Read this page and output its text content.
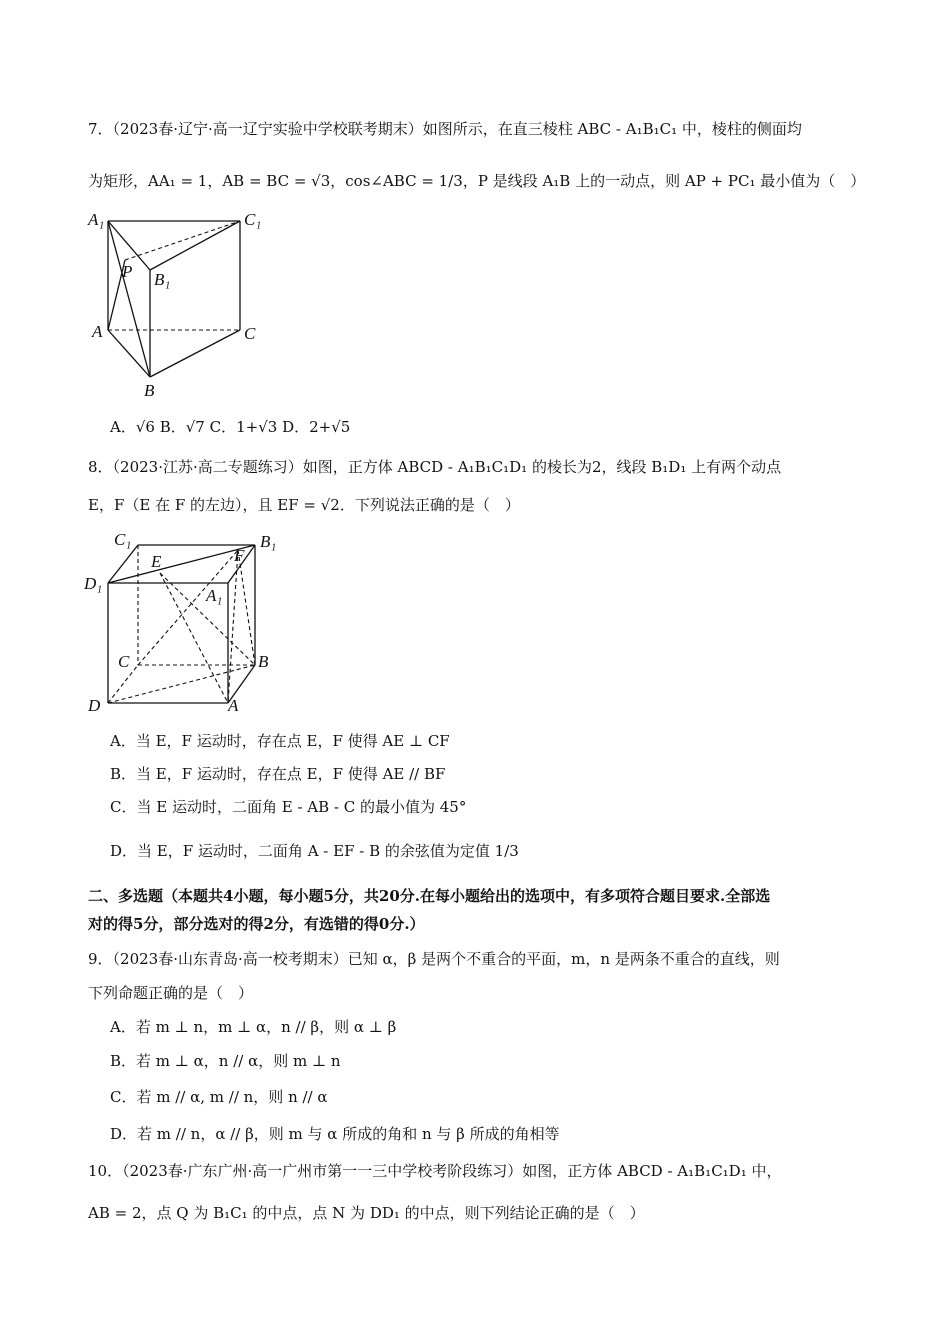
7．（2023春·辽宁·高一辽宁实验中学校联考期末）如图所示，在直三棱柱 ABC - A₁B₁C₁ 中，棱柱的侧面均
为矩形，AA₁ = 1，AB = BC = √3，cos∠ABC = 1/3，P 是线段 A₁B 上的一动点，则 AP + PC₁ 最小值为（　）
A₁	C₁
P B₁
A	C
B
A．√6 B．√7 C．1+√3 D．2+√5
8．（2023·江苏·高二专题练习）如图，正方体 ABCD - A₁B₁C₁D₁ 的棱长为2，线段 B₁D₁ 上有两个动点
E，F（E 在 F 的左边），且 EF = √2．下列说法正确的是（　）
C₁
E	F
B₁
D₁
A₁
C	B
D	A
A．当 E，F 运动时，存在点 E，F 使得 AE ⊥ CF
B．当 E，F 运动时，存在点 E，F 使得 AE // BF
C．当 E 运动时，二面角 E - AB - C 的最小值为 45°
D．当 E，F 运动时，二面角 A - EF - B 的余弦值为定值 1/3
二、多选题（本题共4小题，每小题5分，共20分.在每小题给出的选项中，有多项符合题目要求.全部选
对的得5分，部分选对的得2分，有选错的得0分.）
9．（2023春·山东青岛·高一校考期末）已知 α，β 是两个不重合的平面，m，n 是两条不重合的直线，则
下列命题正确的是（　）
A．若 m ⊥ n，m ⊥ α，n // β，则 α ⊥ β
B．若 m ⊥ α，n // α，则 m ⊥ n
C．若 m // α, m // n，则 n // α
D．若 m // n，α // β，则 m 与 α 所成的角和 n 与 β 所成的角相等
10．（2023春·广东广州·高一广州市第一一三中学校考阶段练习）如图，正方体 ABCD - A₁B₁C₁D₁ 中，
AB = 2，点 Q 为 B₁C₁ 的中点，点 N 为 DD₁ 的中点，则下列结论正确的是（　）
